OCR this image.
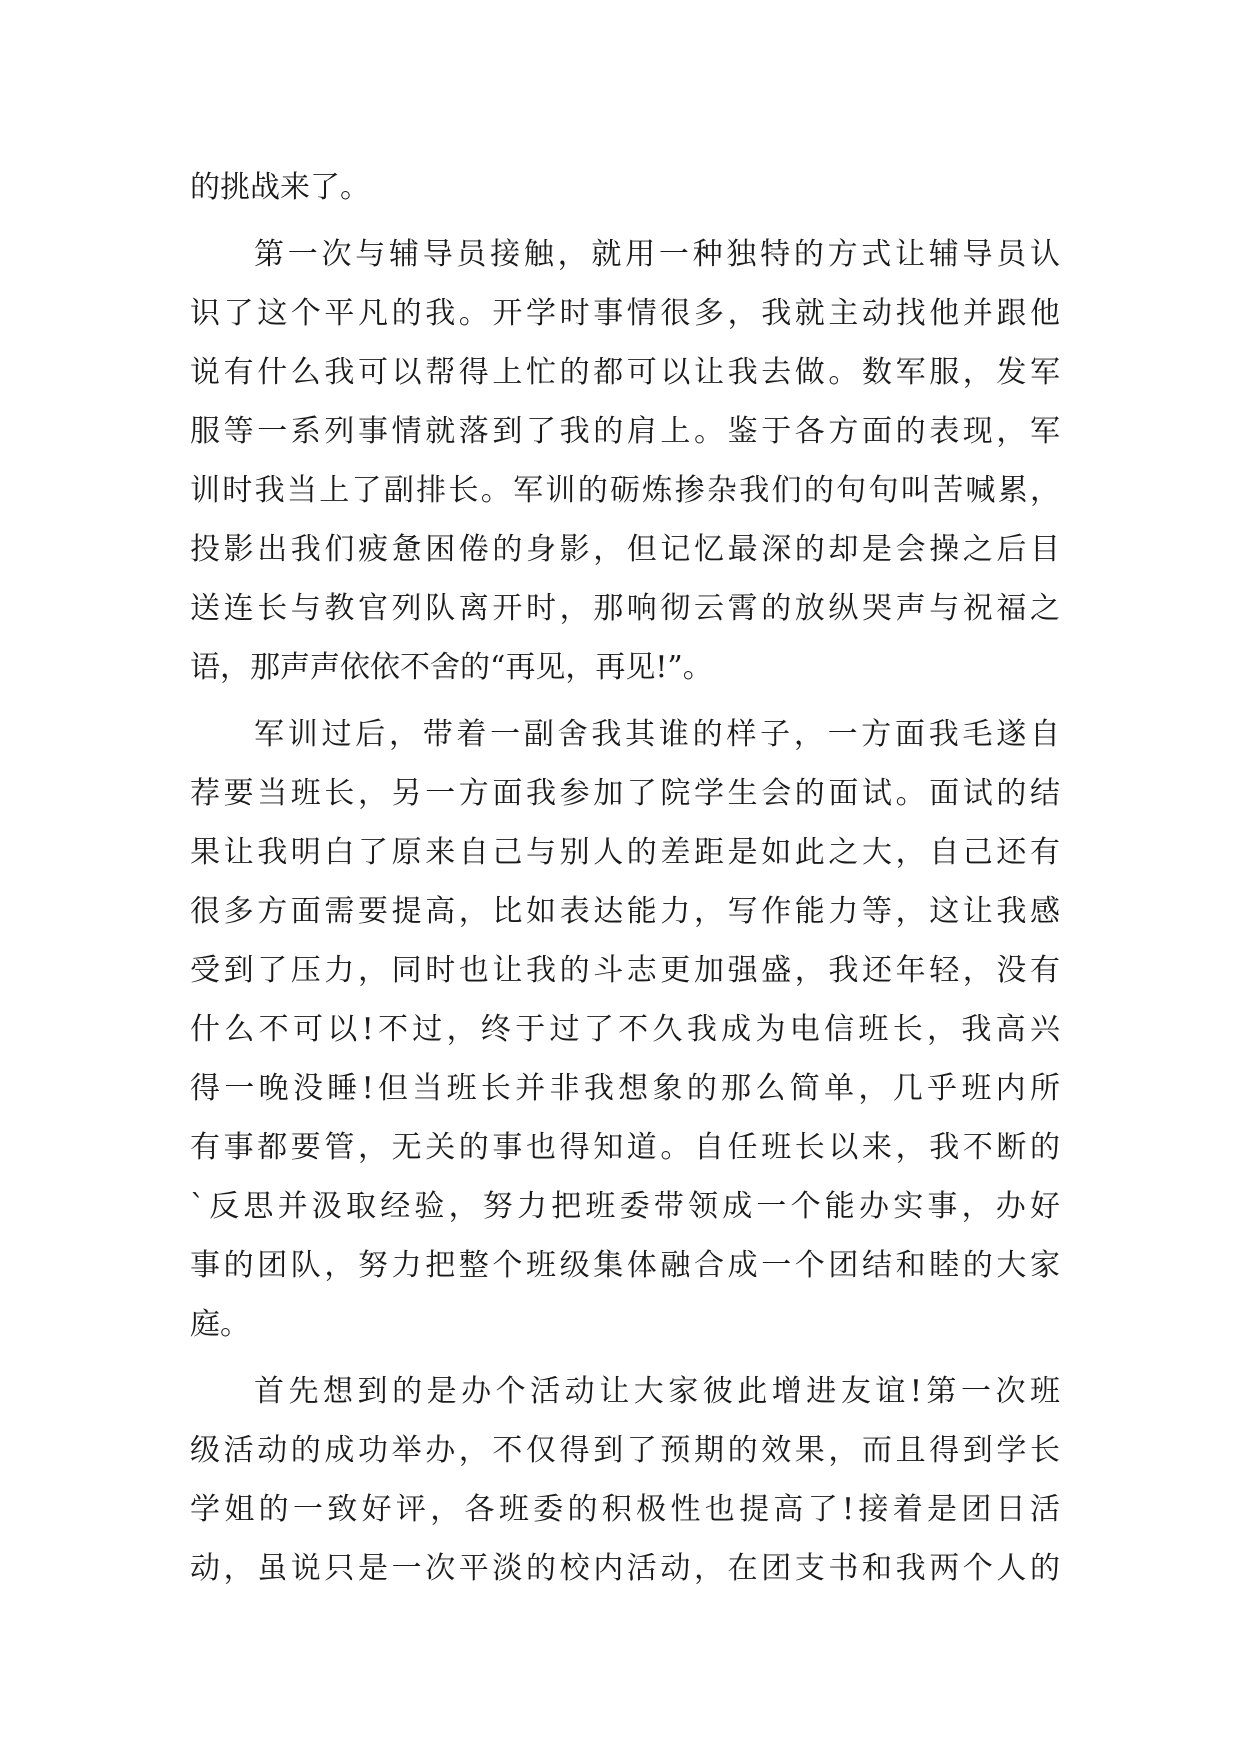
的挑战来了。
第一次与辅导员接触，就用一种独特的方式让辅导员认
识了这个平凡的我。开学时事情很多，我就主动找他并跟他
说有什么我可以帮得上忙的都可以让我去做。数军服，发军
服等一系列事情就落到了我的肩上。鉴于各方面的表现，军
训时我当上了副排长。军训的砺炼掺杂我们的句句叫苦喊累，
投影出我们疲惫困倦的身影，但记忆最深的却是会操之后目
送连长与教官列队离开时，那响彻云霄的放纵哭声与祝福之
语，那声声依依不舍的“再见，再见!”。
军训过后，带着一副舍我其谁的样子，一方面我毛遂自
荐要当班长，另一方面我参加了院学生会的面试。面试的结
果让我明白了原来自己与别人的差距是如此之大，自己还有
很多方面需要提高，比如表达能力，写作能力等，这让我感
受到了压力，同时也让我的斗志更加强盛，我还年轻，没有
什么不可以!不过，终于过了不久我成为电信班长，我高兴
得一晚没睡!但当班长并非我想象的那么简单，几乎班内所
有事都要管，无关的事也得知道。自任班长以来，我不断的
`反思并汲取经验，努力把班委带领成一个能办实事，办好
事的团队，努力把整个班级集体融合成一个团结和睦的大家
庭。
首先想到的是办个活动让大家彼此增进友谊!第一次班
级活动的成功举办，不仅得到了预期的效果，而且得到学长
学姐的一致好评，各班委的积极性也提高了!接着是团日活
动，虽说只是一次平淡的校内活动，在团支书和我两个人的
